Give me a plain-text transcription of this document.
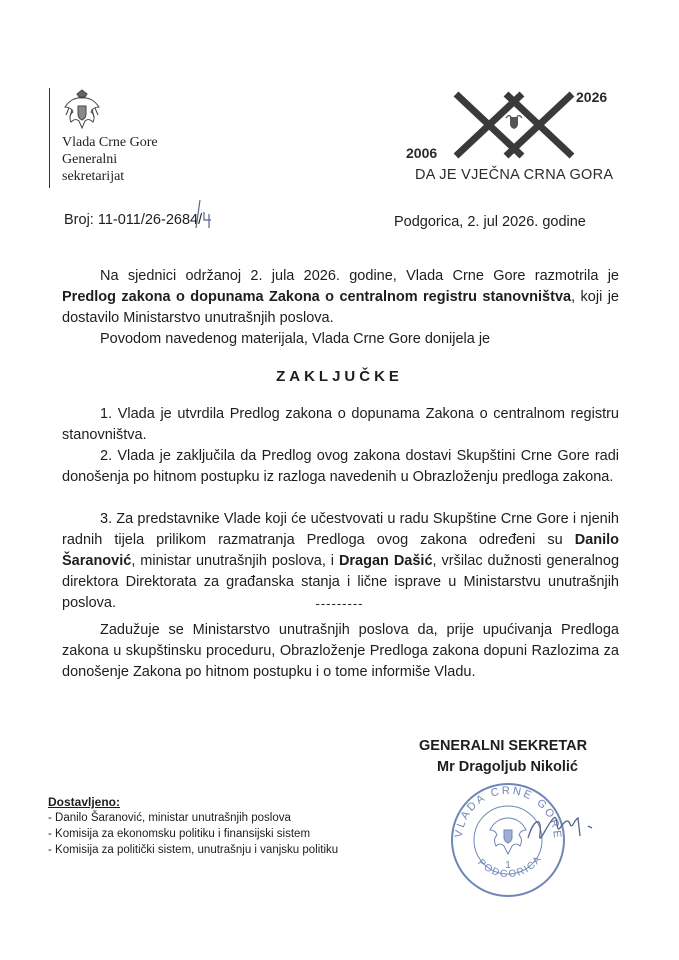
Vlada Crne Gore
Generalni
sekretarijat
2006
2026
DA JE VJEČNA CRNA GORA
Broj: 11-011/26-2684/	Podgorica, 2. jul 2026. godine
Na sjednici održanoj 2. jula 2026. godine, Vlada Crne Gore razmotrila je Predlog zakona o dopunama Zakona o centralnom registru stanovništva, koji je dostavilo Ministarstvo unutrašnjih poslova.
Povodom navedenog materijala, Vlada Crne Gore donijela je
ZAKLJUČKE
1. Vlada je utvrdila Predlog zakona o dopunama Zakona o centralnom registru stanovništva.
2. Vlada je zaključila da Predlog ovog zakona dostavi Skupštini Crne Gore radi donošenja po hitnom postupku iz razloga navedenih u Obrazloženju predloga zakona.
3. Za predstavnike Vlade koji će učestvovati u radu Skupštine Crne Gore i njenih radnih tijela prilikom razmatranja Predloga ovog zakona određeni su Danilo Šaranović, ministar unutrašnjih poslova, i Dragan Dašić, vršilac dužnosti generalnog direktora Direktorata za građanska stanja i lične isprave u Ministarstvu unutrašnjih poslova.	---------
Zadužuje se Ministarstvo unutrašnjih poslova da, prije upućivanja Predloga zakona u skupštinsku proceduru, Obrazloženje Predloga zakona dopuni Razlozima za donošenje Zakona po hitnom postupku i o tome informiše Vladu.
GENERALNI SEKRETAR
Mr Dragoljub Nikolić
VLADA CRNE GORE
PODGORICA
1
Dostavljeno:
- Danilo Šaranović, ministar unutrašnjih poslova
- Komisija za ekonomsku politiku i finansijski sistem
- Komisija za politički sistem, unutrašnju i vanjsku politiku
